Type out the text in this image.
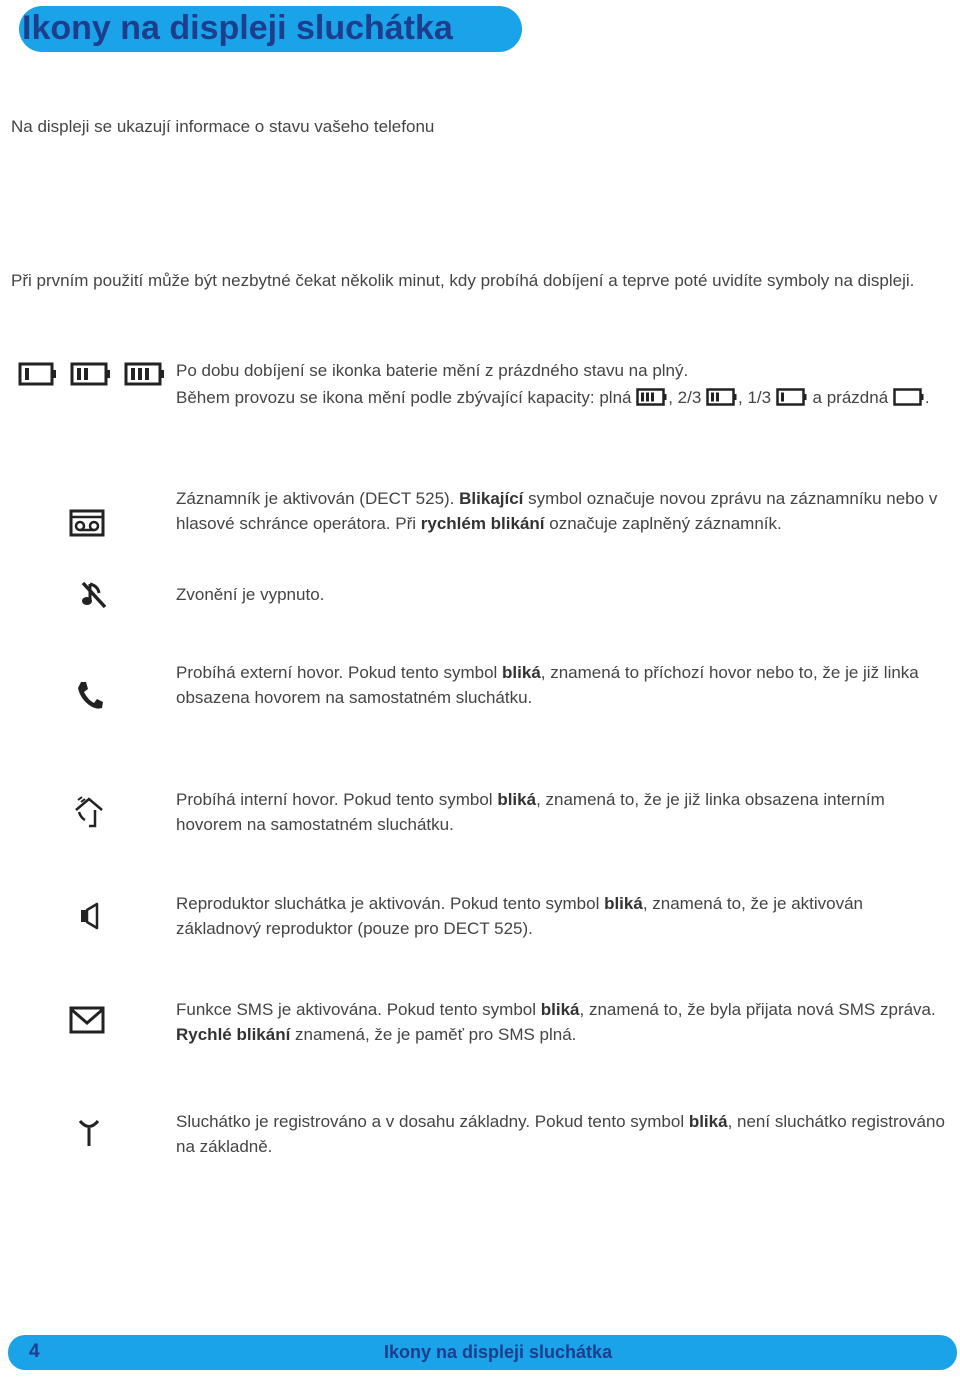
Ikony na displeji sluchátka

Na displeji se ukazují informace o stavu vašeho telefonu

Při prvním použití může být nezbytné čekat několik minut, kdy probíhá dobíjení a teprve poté uvidíte symboly na displeji.

Po dobu dobíjení se ikonka baterie mění z prázdného stavu na plný.
Během provozu se ikona mění podle zbývající kapacity: plná , 2/3 , 1/3  a prázdná .

Záznamník je aktivován (DECT 525). Blikající symbol označuje novou zprávu na záznamníku nebo v hlasové schránce operátora. Při rychlém blikání označuje zaplněný záznamník.

Zvonění je vypnuto.

Probíhá externí hovor. Pokud tento symbol bliká, znamená to příchozí hovor nebo to, že je již linka obsazena hovorem na samostatném sluchátku.

Probíhá interní hovor. Pokud tento symbol bliká, znamená to, že je již linka obsazena interním hovorem na samostatném sluchátku.

Reproduktor sluchátka je aktivován. Pokud tento symbol bliká, znamená to, že je aktivován základnový reproduktor (pouze pro DECT 525).

Funkce SMS je aktivována. Pokud tento symbol bliká, znamená to, že byla přijata nová SMS zpráva. Rychlé blikání znamená, že je paměť pro SMS plná.

Sluchátko je registrováno a v dosahu základny. Pokud tento symbol bliká, není sluchátko registrováno na základně.

4	Ikony na displeji sluchátka
